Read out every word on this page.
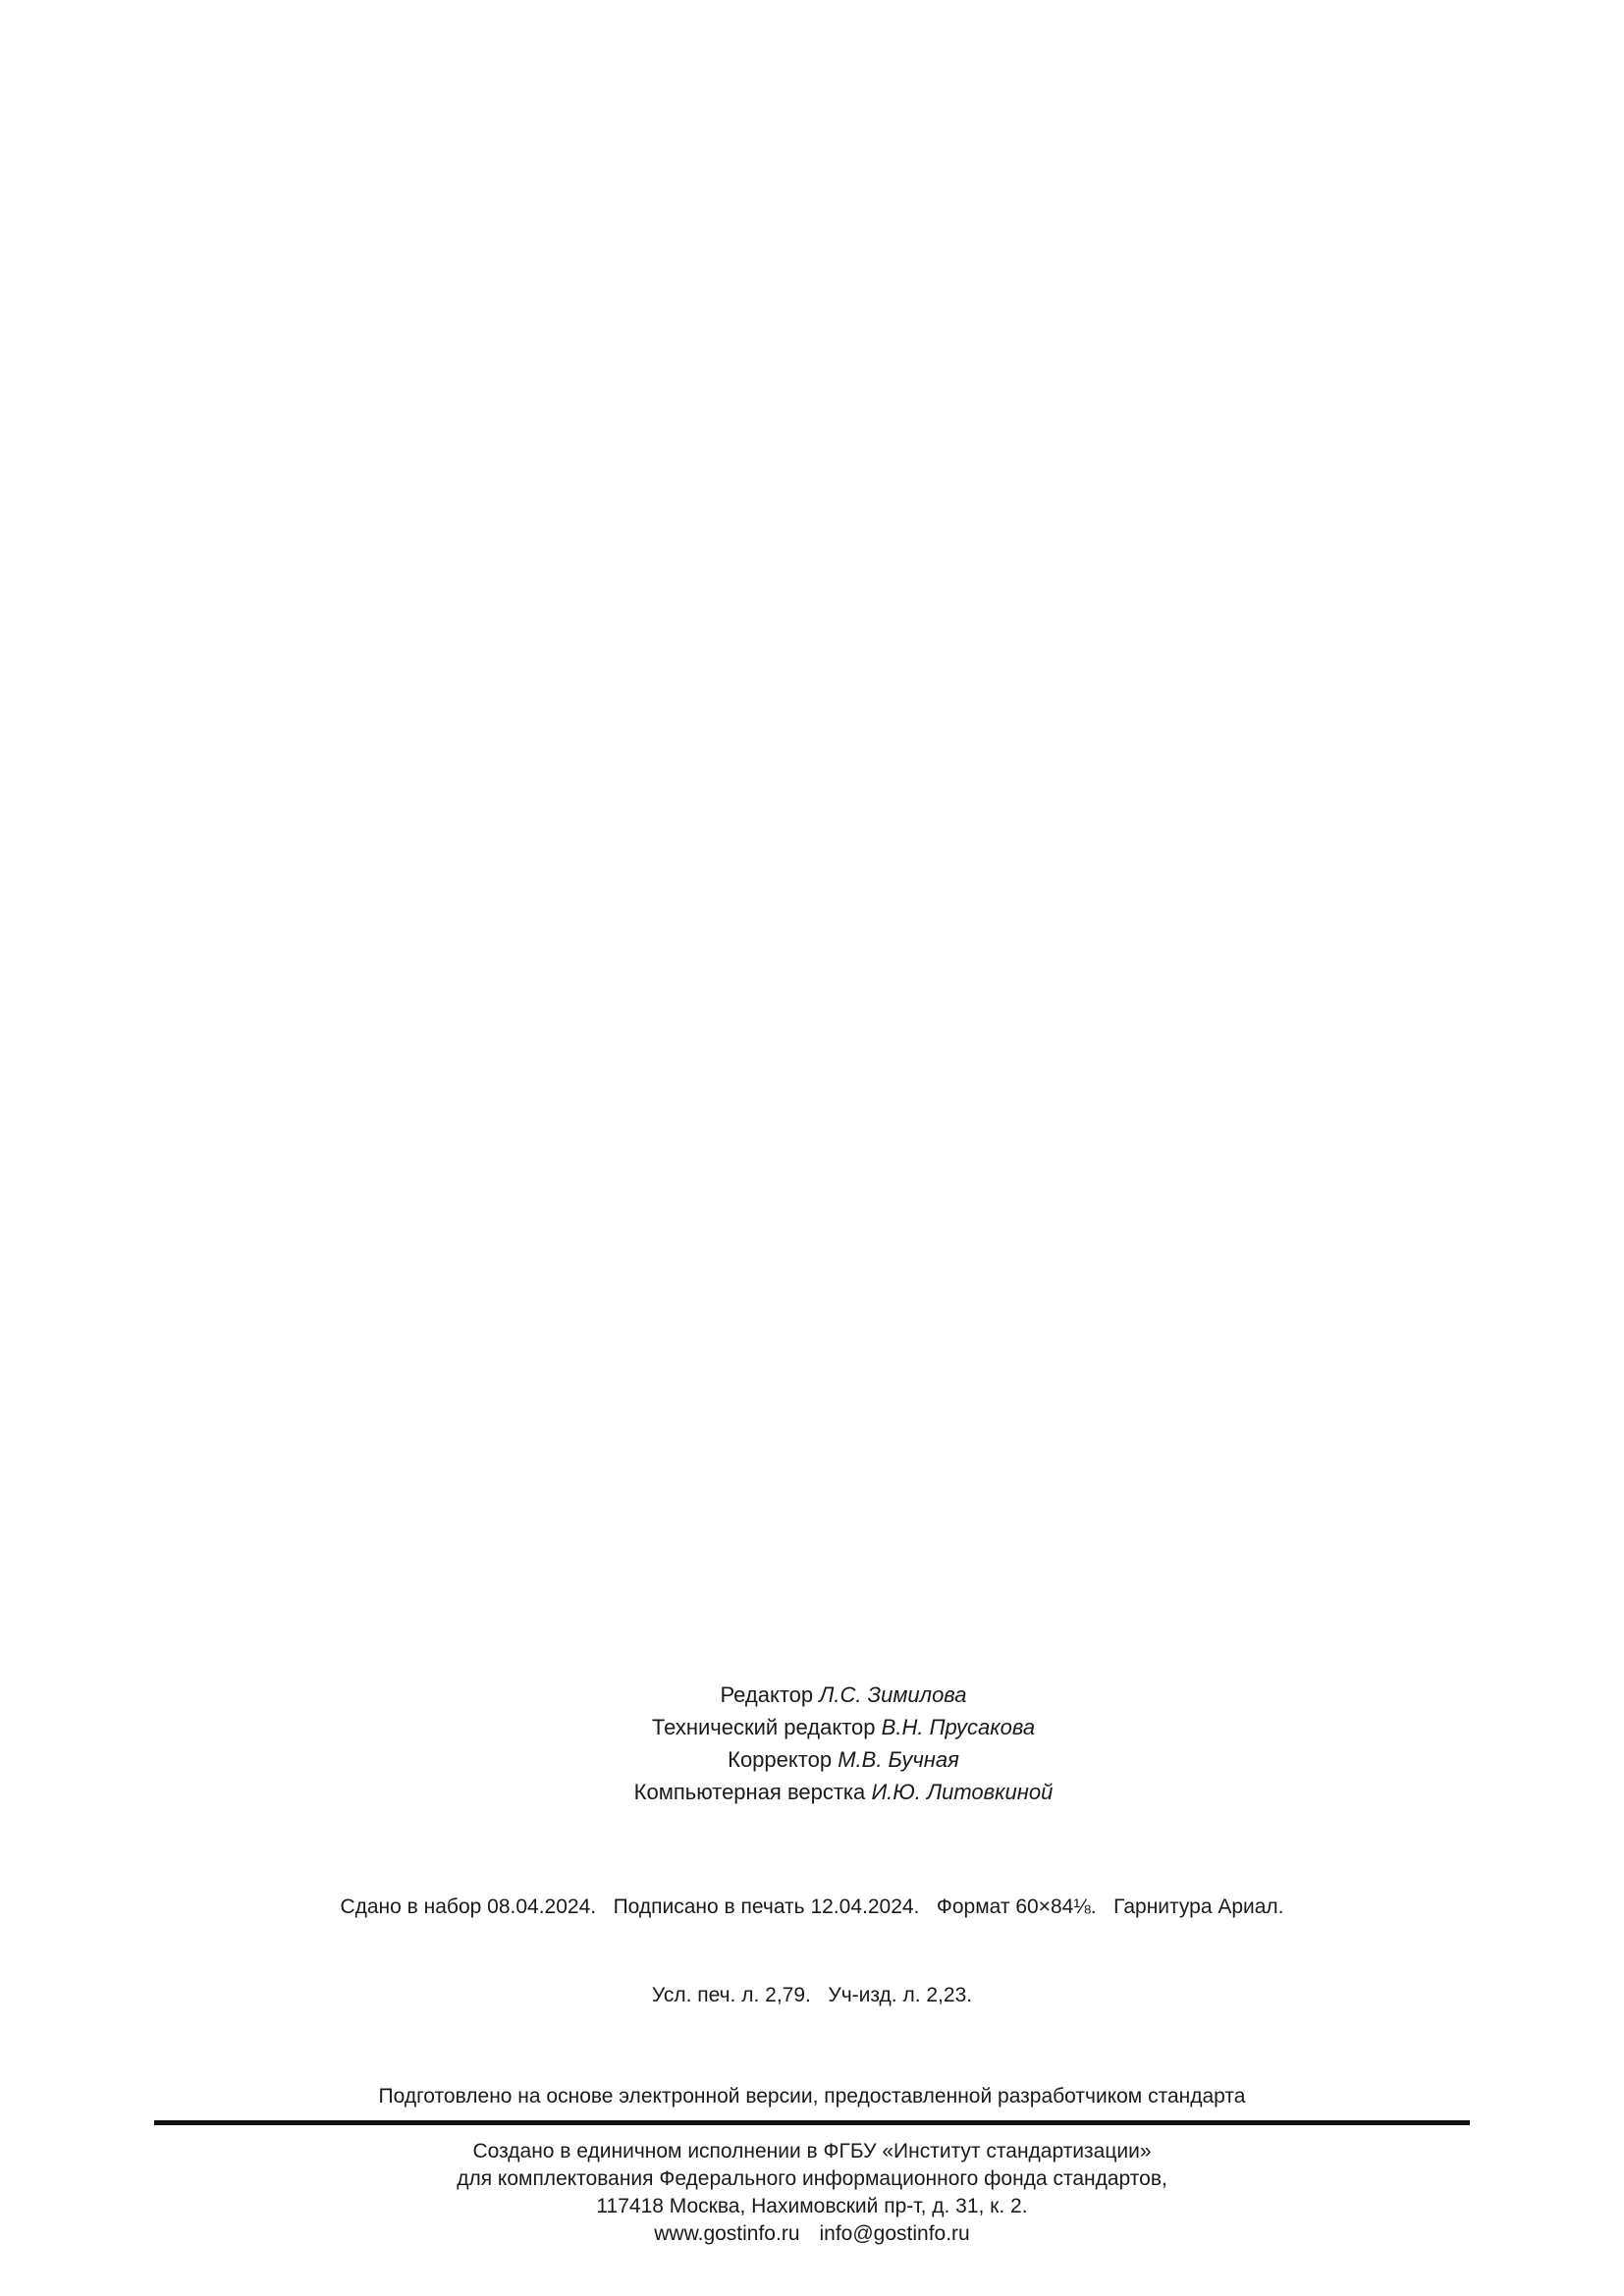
Редактор Л.С. Зимилова
Технический редактор В.Н. Прусакова
Корректор М.В. Бучная
Компьютерная верстка И.Ю. Литовкиной

Сдано в набор 08.04.2024.   Подписано в печать 12.04.2024.   Формат 60×84⅛.   Гарнитура Ариал.

Усл. печ. л. 2,79.   Уч-изд. л. 2,23.

Подготовлено на основе электронной версии, предоставленной разработчиком стандарта
Создано в единичном исполнении в ФГБУ «Институт стандартизации»
для комплектования Федерального информационного фонда стандартов,
117418 Москва, Нахимовский пр-т, д. 31, к. 2.
www.gostinfo.ru info@gostinfo.ru
